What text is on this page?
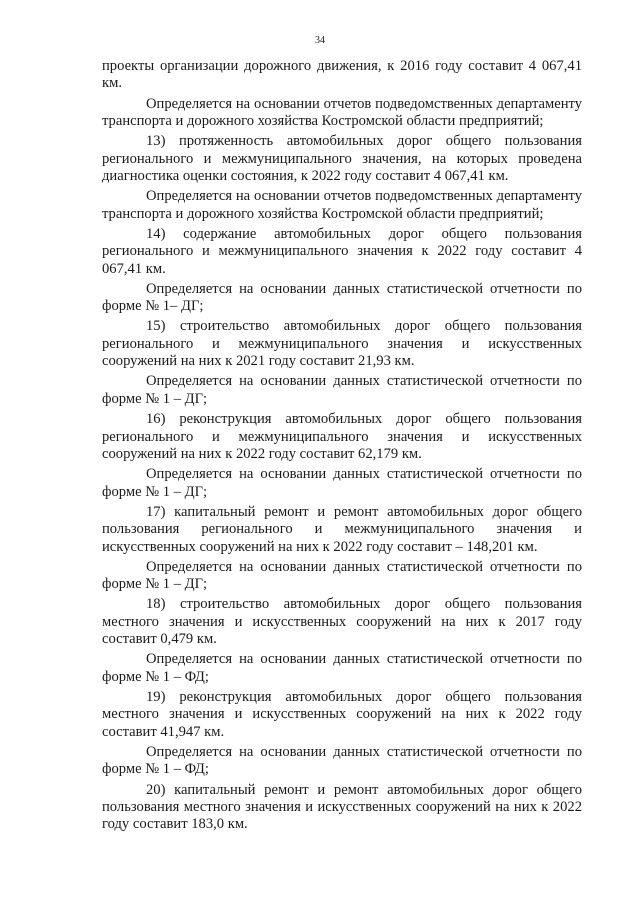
34

проекты организации дорожного движения, к 2016 году составит 4 067,41 км.

Определяется на основании отчетов подведомственных департаменту транспорта и дорожного хозяйства Костромской области предприятий;

13) протяженность автомобильных дорог общего пользования регионального и межмуниципального значения, на которых проведена диагностика оценки состояния, к 2022 году составит 4 067,41 км.

Определяется на основании отчетов подведомственных департаменту транспорта и дорожного хозяйства Костромской области предприятий;

14) содержание автомобильных дорог общего пользования регионального и межмуниципального значения к 2022 году составит 4 067,41 км.

Определяется на основании данных статистической отчетности по форме № 1– ДГ;

15) строительство автомобильных дорог общего пользования регионального и межмуниципального значения и искусственных сооружений на них к 2021 году составит 21,93 км.

Определяется на основании данных статистической отчетности по форме № 1 – ДГ;

16) реконструкция автомобильных дорог общего пользования регионального и межмуниципального значения и искусственных сооружений на них к 2022 году составит 62,179 км.

Определяется на основании данных статистической отчетности по форме № 1 – ДГ;

17) капитальный ремонт и ремонт автомобильных дорог общего пользования регионального и межмуниципального значения и искусственных сооружений на них к 2022 году составит – 148,201 км.

Определяется на основании данных статистической отчетности по форме № 1 – ДГ;

18) строительство автомобильных дорог общего пользования местного значения и искусственных сооружений на них к 2017 году составит 0,479 км.

Определяется на основании данных статистической отчетности по форме № 1 – ФД;

19) реконструкция автомобильных дорог общего пользования местного значения и искусственных сооружений на них к 2022 году составит 41,947 км.

Определяется на основании данных статистической отчетности по форме № 1 – ФД;

20) капитальный ремонт и ремонт автомобильных дорог общего пользования местного значения и искусственных сооружений на них к 2022 году составит 183,0 км.
